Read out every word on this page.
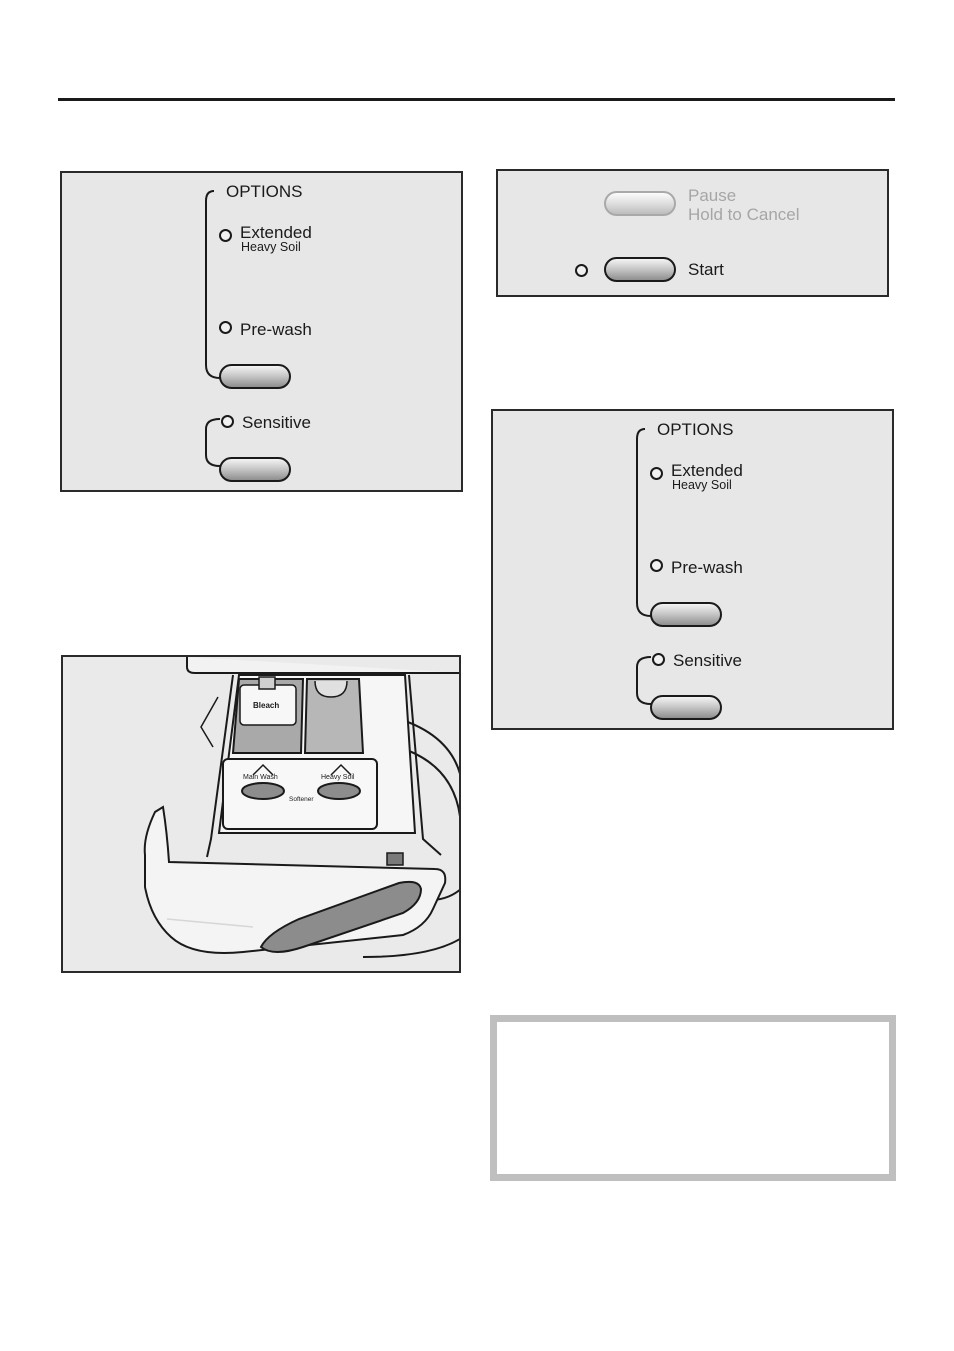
OPTIONS
Extended
Heavy Soil
Pre-wash
Sensitive
Pause
Hold to Cancel
Start
OPTIONS
Extended
Heavy Soil
Pre-wash
Sensitive
Bleach
Main Wash	Heavy Soil
Softener
